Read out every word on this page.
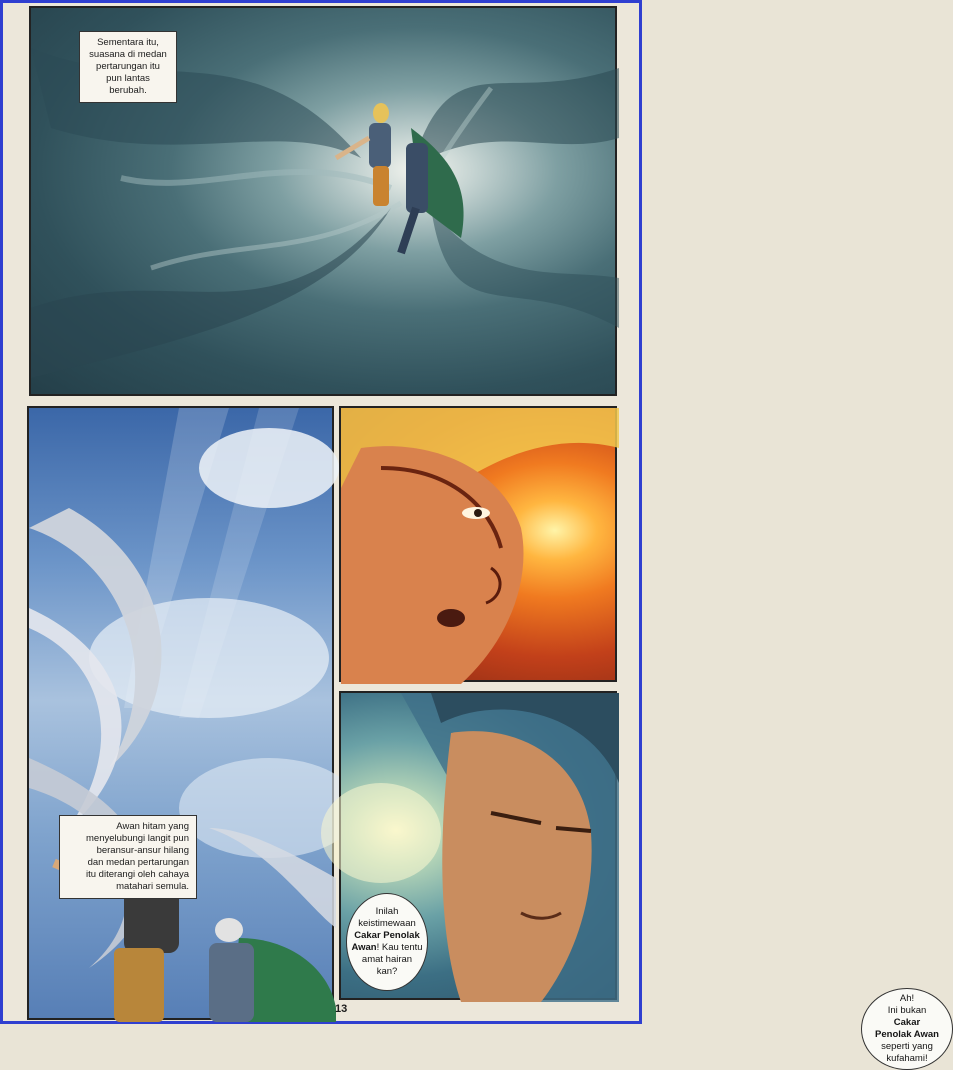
Sementara itu,
suasana di medan
pertarungan itu
pun lantas
berubah.
Awan hitam yang
menyelubungi langit pun
beransur-ansur hilang
dan medan pertarungan
itu diterangi oleh cahaya
matahari semula.
Ah!
Ini bukan
Cakar
Penolak Awan
seperti yang
kufahami!
Inilah
keistimewaan
Cakar Penolak
Awan! Kau tentu
amat hairan
kan?
13
